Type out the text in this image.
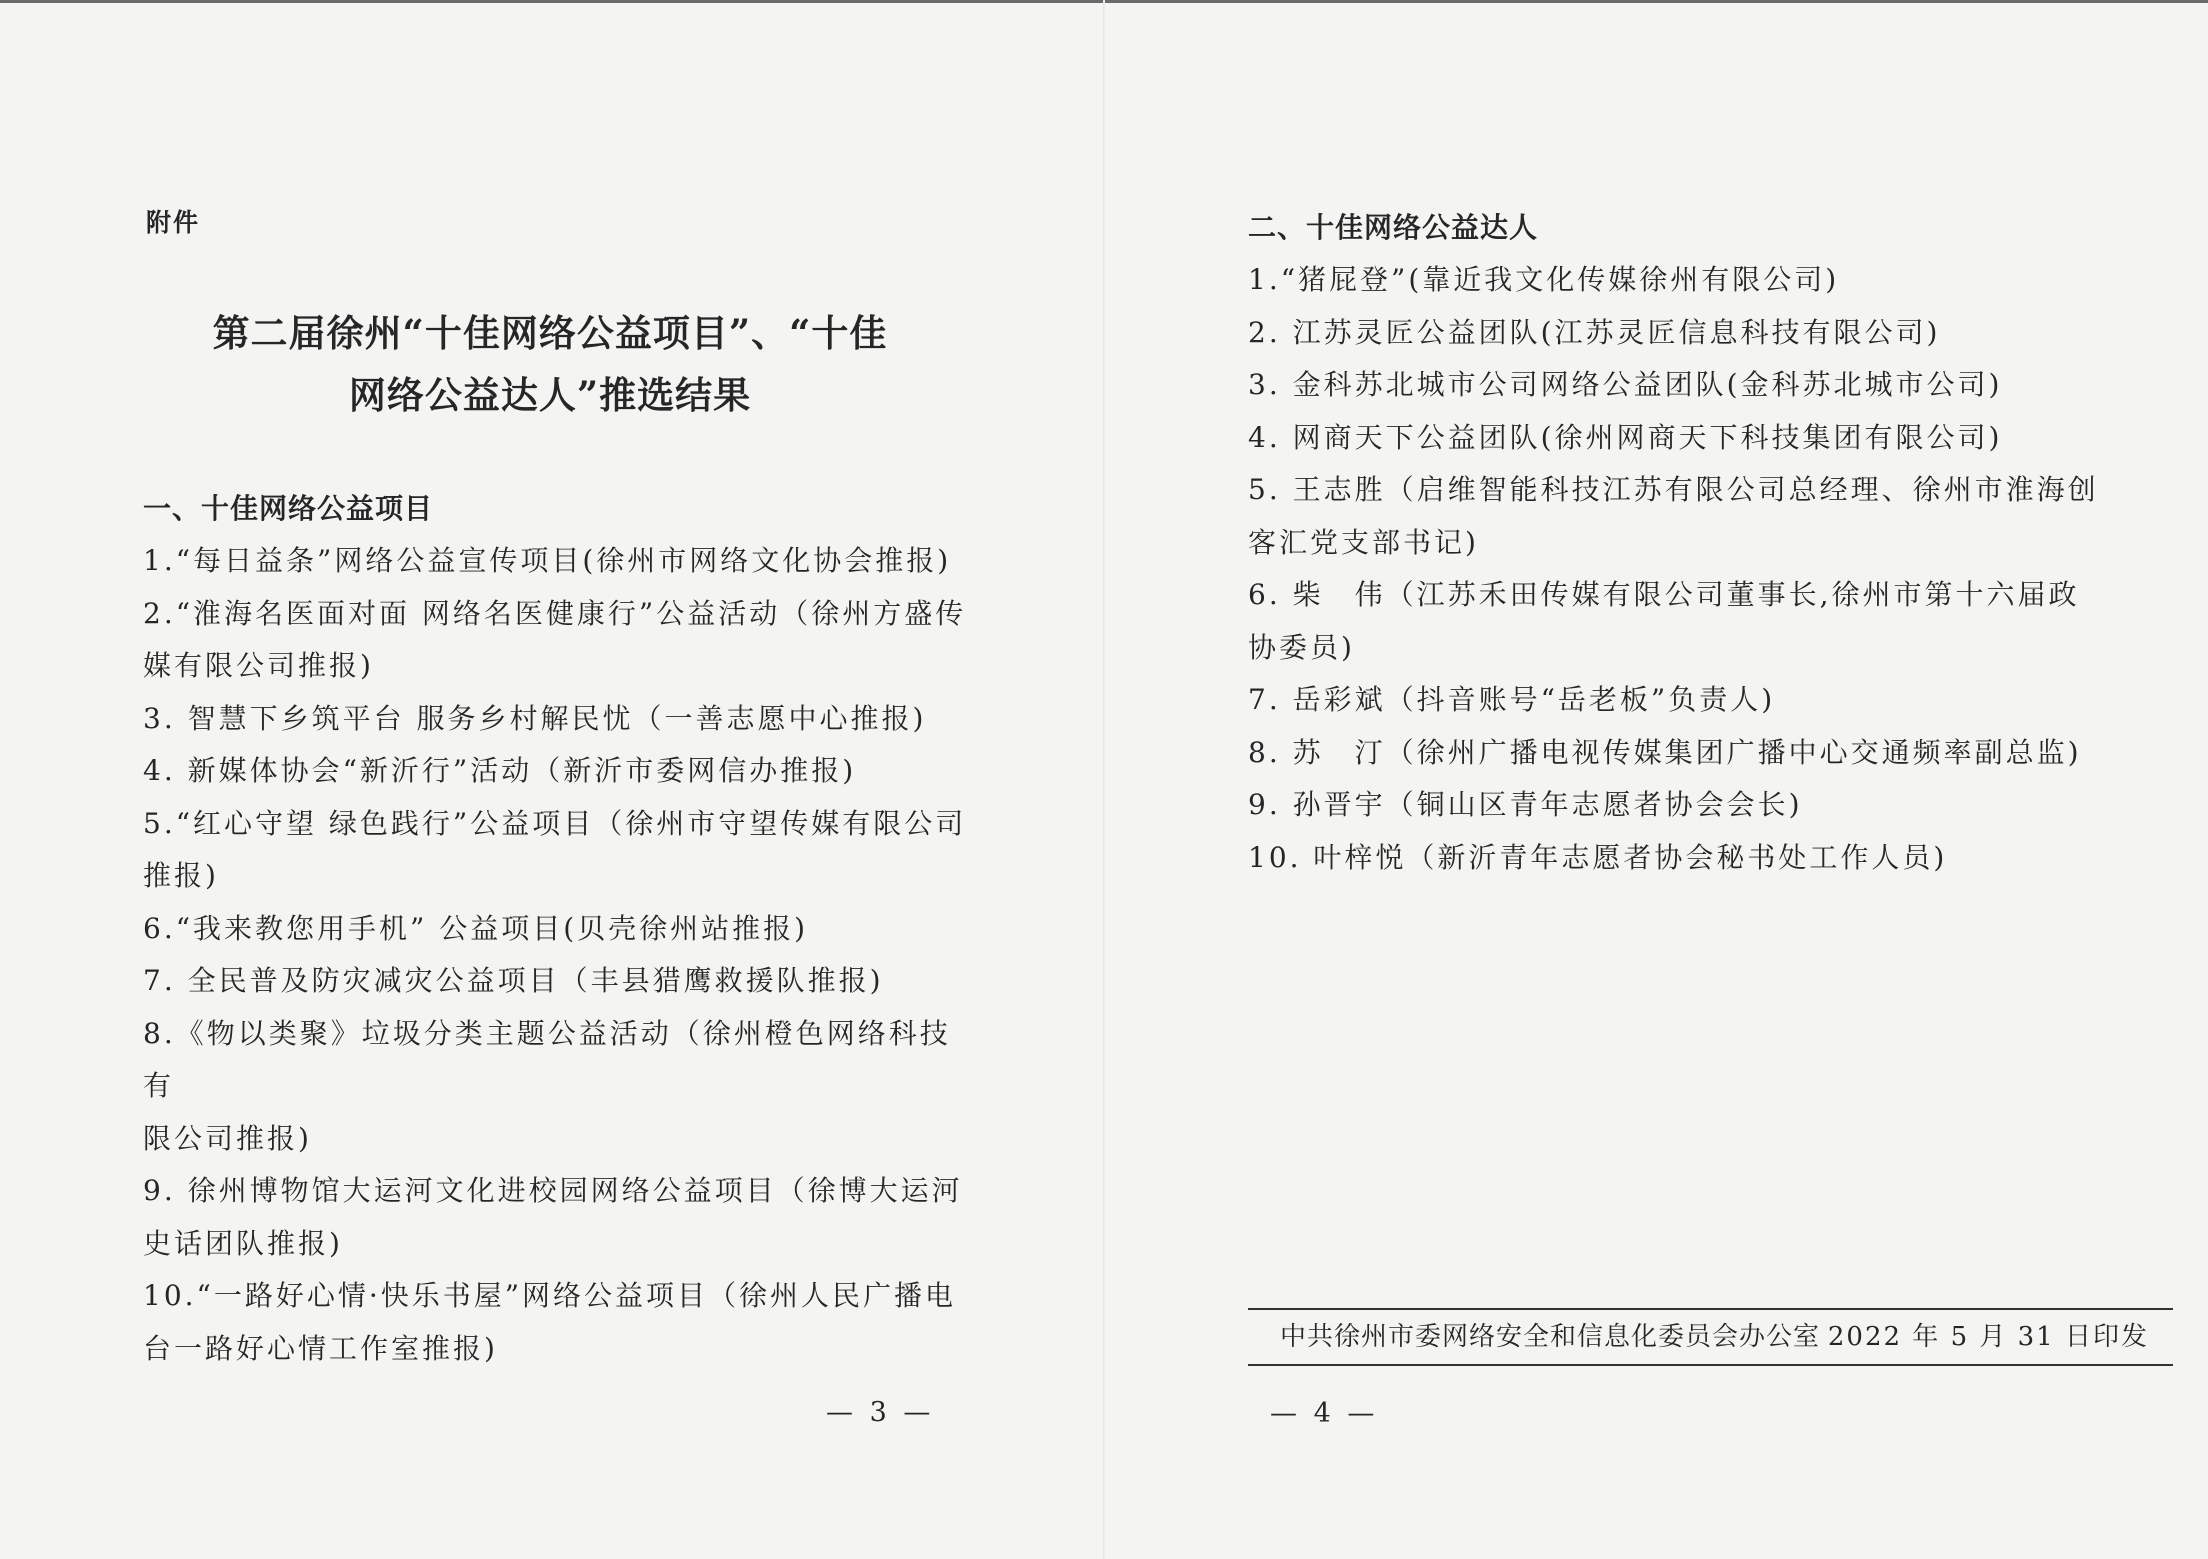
附件
第二届徐州“十佳网络公益项目”、“十佳
网络公益达人”推选结果
一、十佳网络公益项目
1.“每日益条”网络公益宣传项目(徐州市网络文化协会推报)
2.“淮海名医面对面 网络名医健康行”公益活动（徐州方盛传
媒有限公司推报)
3. 智慧下乡筑平台 服务乡村解民忧（一善志愿中心推报)
4. 新媒体协会“新沂行”活动（新沂市委网信办推报)
5.“红心守望 绿色践行”公益项目（徐州市守望传媒有限公司
推报)
6.“我来教您用手机” 公益项目(贝壳徐州站推报)
7. 全民普及防灾减灾公益项目（丰县猎鹰救援队推报)
8.《物以类聚》垃圾分类主题公益活动（徐州橙色网络科技有
限公司推报)
9. 徐州博物馆大运河文化进校园网络公益项目（徐博大运河
史话团队推报)
10.“一路好心情·快乐书屋”网络公益项目（徐州人民广播电
台一路好心情工作室推报)
— 3 —
二、十佳网络公益达人
1.“猪屁登”(靠近我文化传媒徐州有限公司)
2. 江苏灵匠公益团队(江苏灵匠信息科技有限公司)
3. 金科苏北城市公司网络公益团队(金科苏北城市公司)
4. 网商天下公益团队(徐州网商天下科技集团有限公司)
5. 王志胜（启维智能科技江苏有限公司总经理、徐州市淮海创
客汇党支部书记)
6. 柴　伟（江苏禾田传媒有限公司董事长,徐州市第十六届政
协委员)
7. 岳彩斌（抖音账号“岳老板”负责人)
8. 苏　汀（徐州广播电视传媒集团广播中心交通频率副总监)
9. 孙晋宇（铜山区青年志愿者协会会长)
10. 叶梓悦（新沂青年志愿者协会秘书处工作人员)
中共徐州市委网络安全和信息化委员会办公室 2022 年 5 月 31 日印发
— 4 —
